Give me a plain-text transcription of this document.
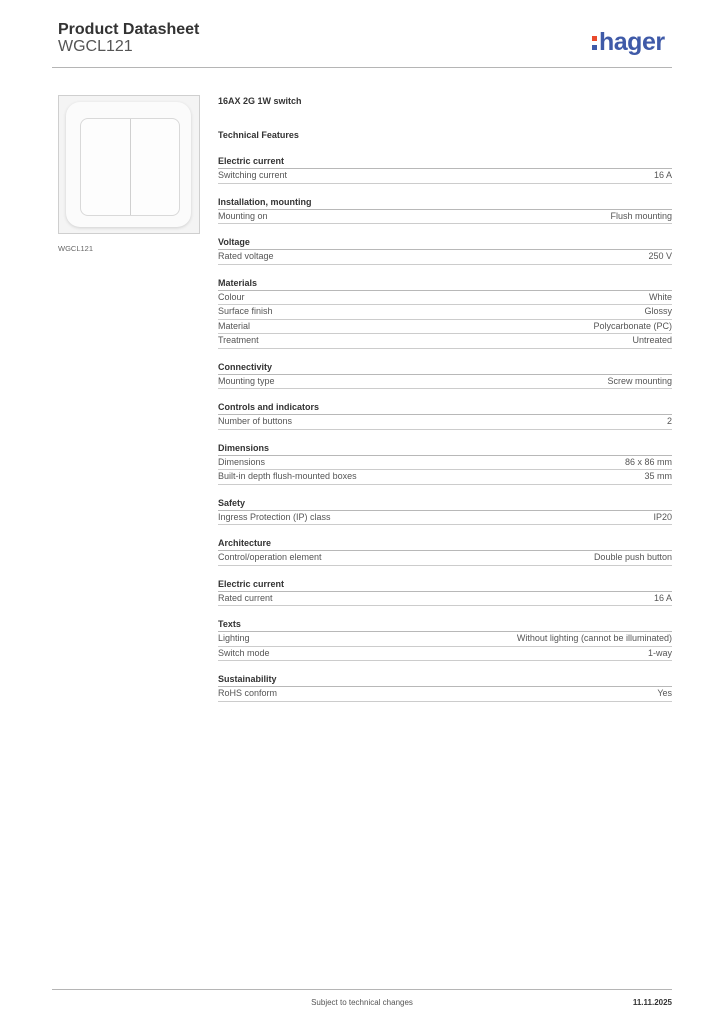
Product Datasheet
WGCL121	hager
WGCL121
16AX 2G 1W switch
Technical Features
Electric current
Switching current	16 A
Installation, mounting
Mounting on	Flush mounting
Voltage
Rated voltage	250 V
Materials
Colour	White
Surface finish	Glossy
Material	Polycarbonate (PC)
Treatment	Untreated
Connectivity
Mounting type	Screw mounting
Controls and indicators
Number of buttons	2
Dimensions
Dimensions	86 x 86 mm
Built-in depth flush-mounted boxes	35 mm
Safety
Ingress Protection (IP) class	IP20
Architecture
Control/operation element	Double push button
Electric current
Rated current	16 A
Texts
Lighting	Without lighting (cannot be illuminated)
Switch mode	1-way
Sustainability
RoHS conform	Yes
Subject to technical changes	11.11.2025
